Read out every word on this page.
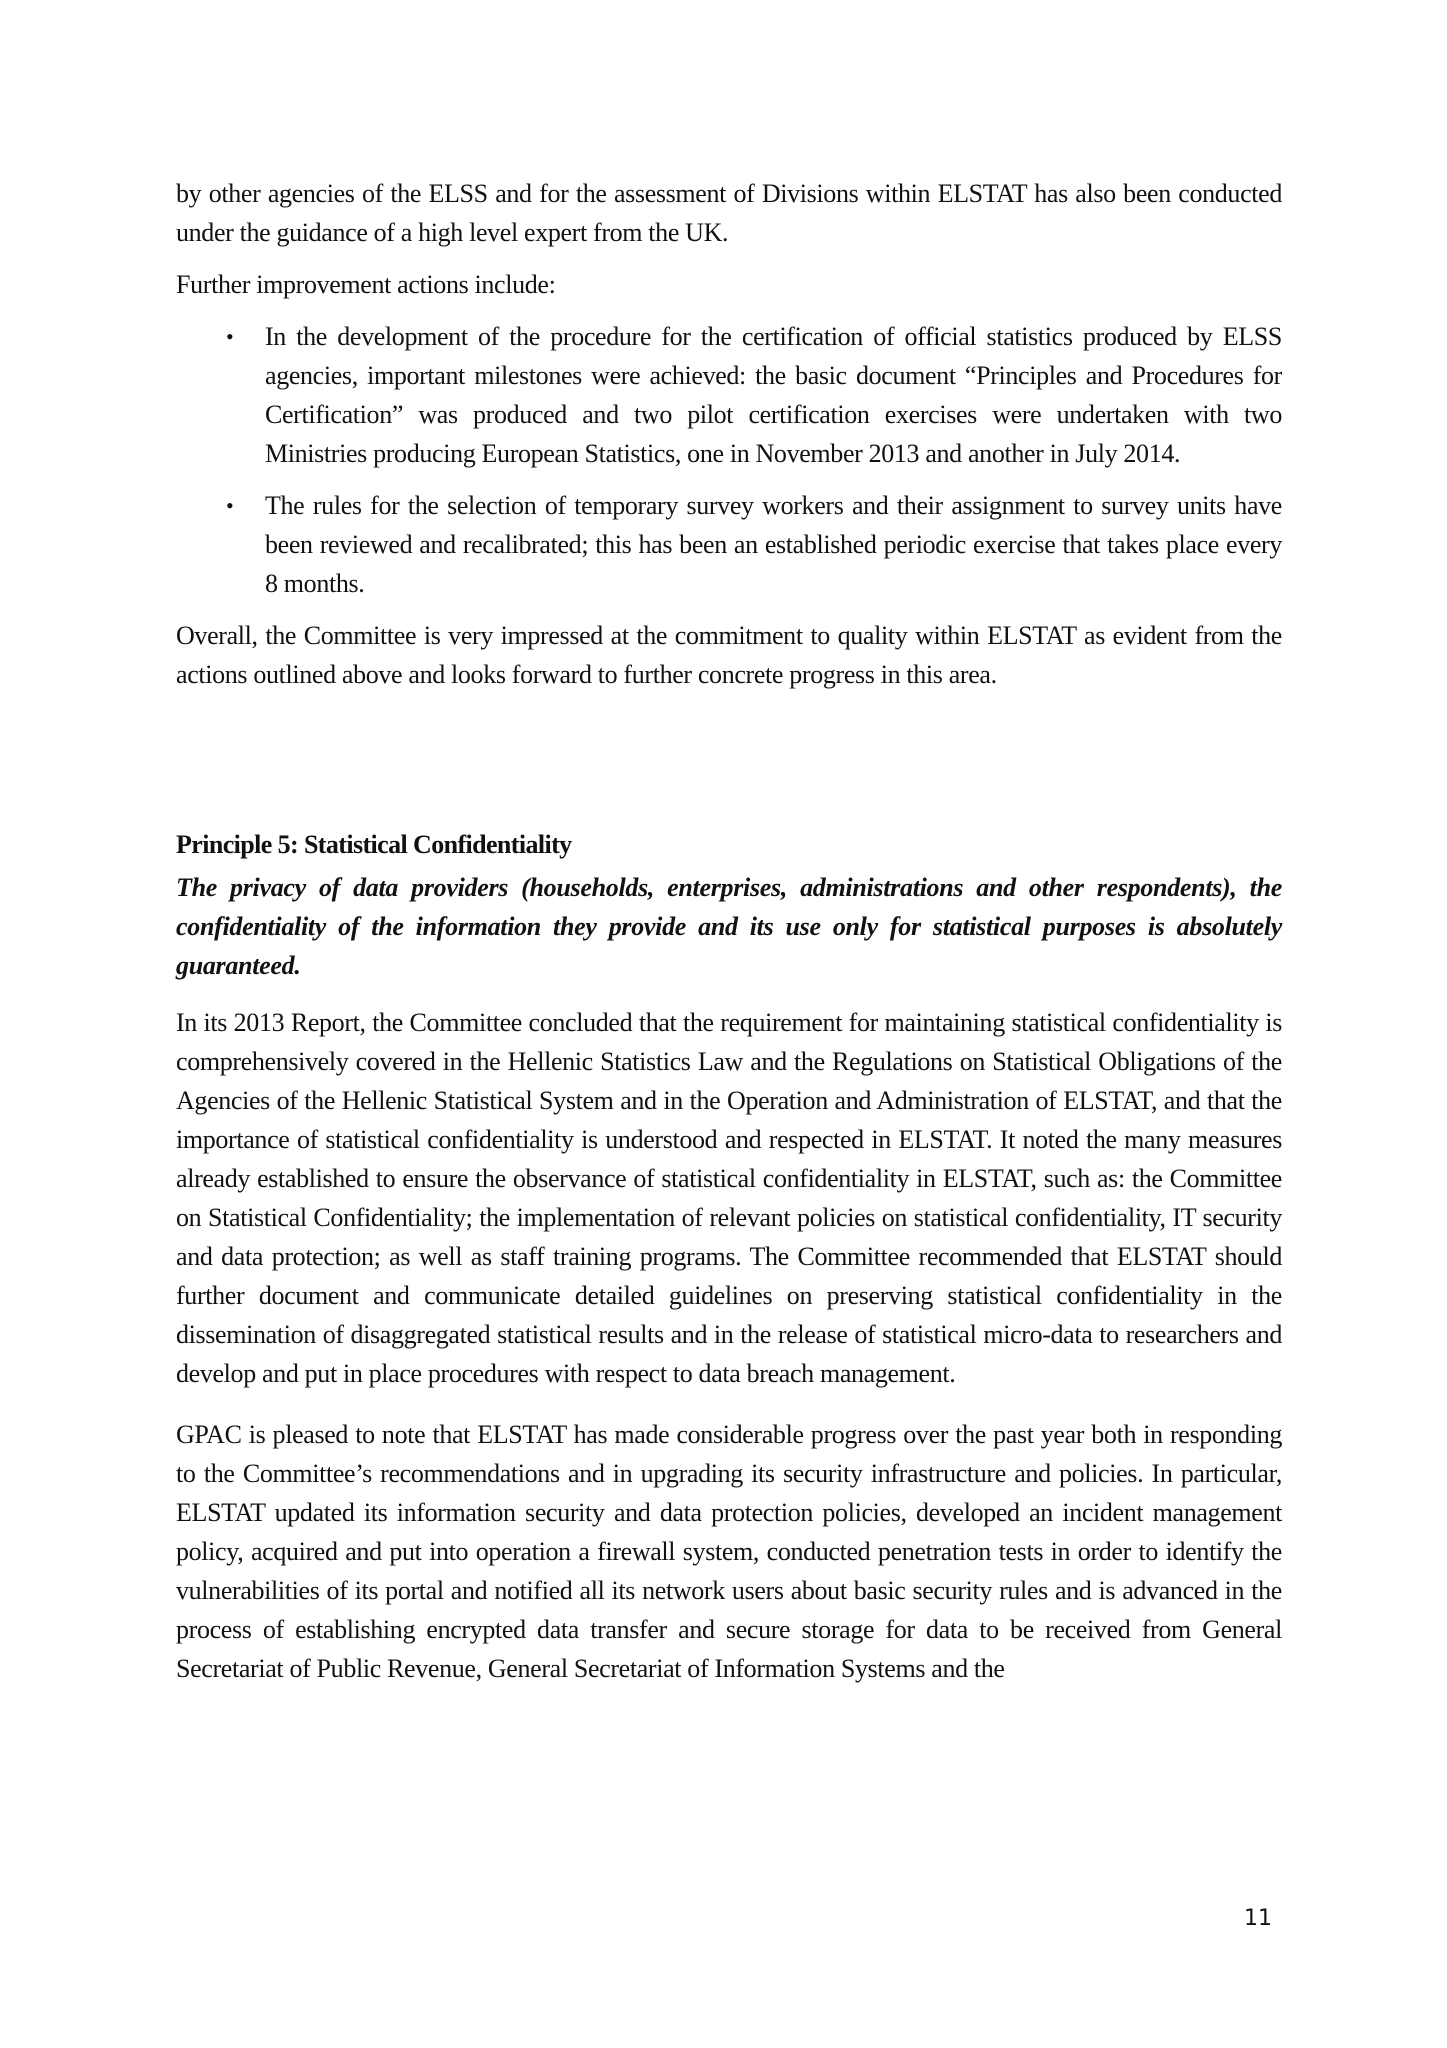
by other agencies of the ELSS and for the assessment of Divisions within ELSTAT has also been conducted under the guidance of a high level expert from the UK.

Further improvement actions include:

• In the development of the procedure for the certification of official statistics produced by ELSS agencies, important milestones were achieved: the basic document “Principles and Procedures for Certification” was produced and two pilot certification exercises were undertaken with two Ministries producing European Statistics, one in November 2013 and another in July 2014.
• The rules for the selection of temporary survey workers and their assignment to survey units have been reviewed and recalibrated; this has been an established periodic exercise that takes place every 8 months.

Overall, the Committee is very impressed at the commitment to quality within ELSTAT as evident from the actions outlined above and looks forward to further concrete progress in this area.

Principle 5: Statistical Confidentiality

The privacy of data providers (households, enterprises, administrations and other respondents), the confidentiality of the information they provide and its use only for statistical purposes is absolutely guaranteed.

In its 2013 Report, the Committee concluded that the requirement for maintaining statistical confidentiality is comprehensively covered in the Hellenic Statistics Law and the Regulations on Statistical Obligations of the Agencies of the Hellenic Statistical System and in the Operation and Administration of ELSTAT, and that the importance of statistical confidentiality is understood and respected in ELSTAT. It noted the many measures already established to ensure the observance of statistical confidentiality in ELSTAT, such as: the Committee on Statistical Confidentiality; the implementation of relevant policies on statistical confidentiality, IT security and data protection; as well as staff training programs. The Committee recommended that ELSTAT should further document and communicate detailed guidelines on preserving statistical confidentiality in the dissemination of disaggregated statistical results and in the release of statistical micro-data to researchers and develop and put in place procedures with respect to data breach management.

GPAC is pleased to note that ELSTAT has made considerable progress over the past year both in responding to the Committee’s recommendations and in upgrading its security infrastructure and policies. In particular, ELSTAT updated its information security and data protection policies, developed an incident management policy, acquired and put into operation a firewall system, conducted penetration tests in order to identify the vulnerabilities of its portal and notified all its network users about basic security rules and is advanced in the process of establishing encrypted data transfer and secure storage for data to be received from General Secretariat of Public Revenue, General Secretariat of Information Systems and the

11
